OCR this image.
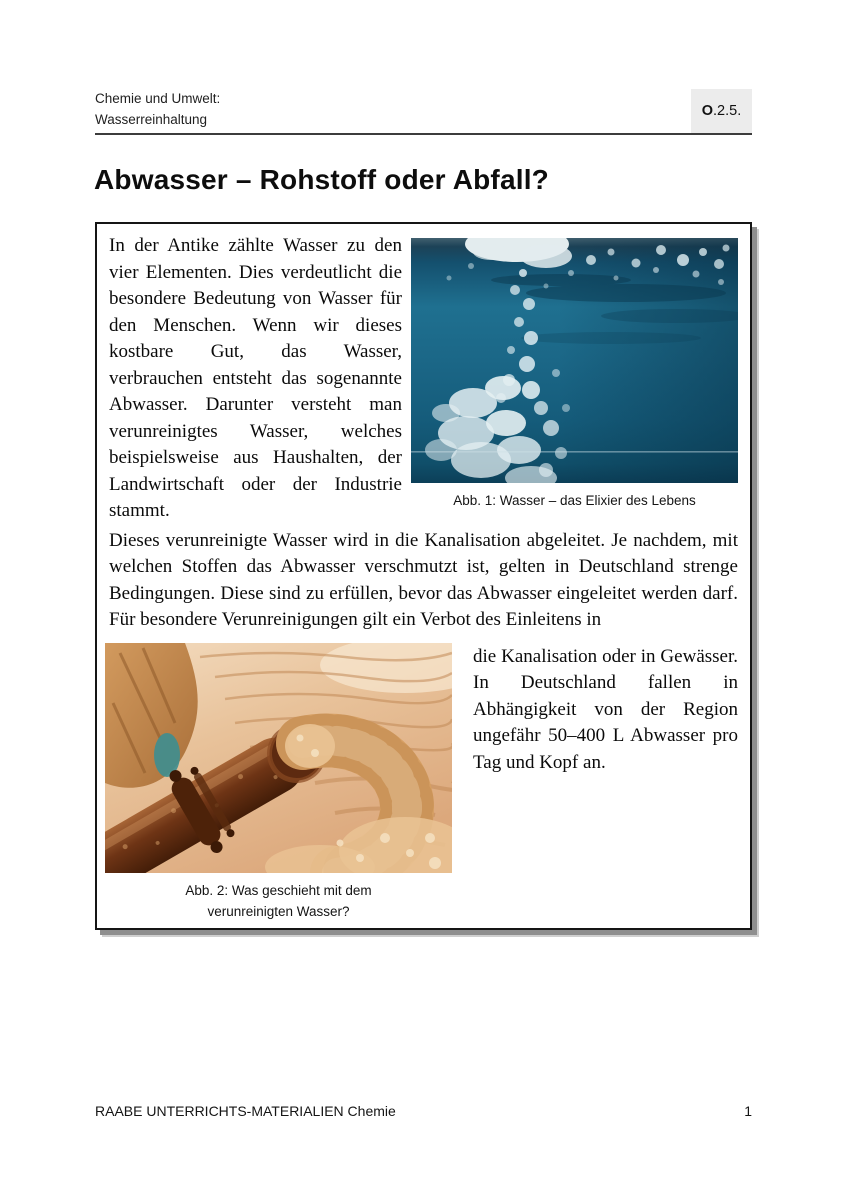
Chemie und Umwelt:
Wasserreinhaltung
O .2.5.
Abwasser – Rohstoff oder Abfall?

In der Antike zählte Wasser zu den vier Elementen. Dies verdeutlicht die besondere Bedeutung von Wasser für den Menschen. Wenn wir dieses kostbare Gut, das Wasser, verbrauchen entsteht das sogenannte Abwasser. Darunter versteht man verunreinigtes Wasser, welches beispielsweise aus Haushalten, der Landwirtschaft oder der Industrie stammt.	Abb. 1: Wasser – das Elixier des Lebens

Dieses verunreinigte Wasser wird in die Kanalisation abgeleitet. Je nachdem, mit welchen Stoffen das Abwasser verschmutzt ist, gelten in Deutschland strenge Bedingungen. Diese sind zu erfüllen, bevor das Abwasser eingeleitet werden darf. Für besondere Verunreinigungen gilt ein Verbot des Einleitens in

Abb. 2: Was geschieht mit dem
verunreinigten Wasser?

die Kanalisation oder in Gewässer. In Deutschland fallen in Abhängigkeit von der Region ungefähr 50–400 L Abwasser pro Tag und Kopf an.

RAABE UNTERRICHTS-MATERIALIEN Chemie	1
